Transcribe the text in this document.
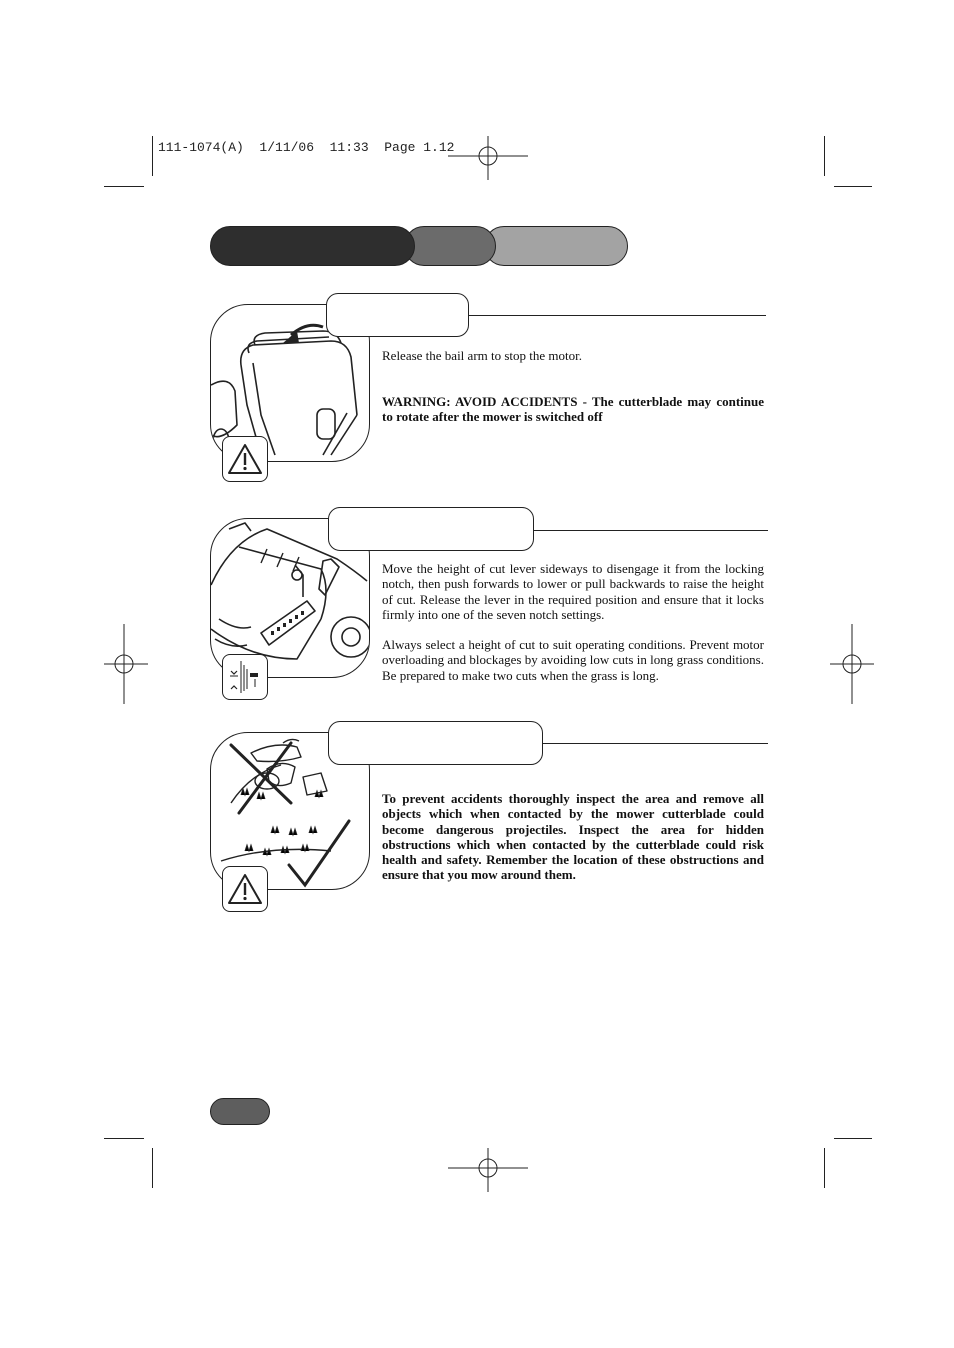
111-1074(A)  1/11/06  11:33  Page 1.12
Release the bail arm to stop the motor.
WARNING: AVOID ACCIDENTS - The cutterblade may continue to rotate after the mower is switched off
Move the height of cut lever sideways to disengage it from the locking notch, then push forwards to lower or pull backwards to raise the height of cut. Release the lever in the required position and ensure that it locks firmly into one of the seven notch settings.
Always select a height of cut to suit operating conditions. Prevent motor overloading and blockages by avoiding low cuts in long grass conditions. Be prepared to make two cuts when the grass is long.
To prevent accidents thoroughly inspect the area and remove all objects which when contacted by the mower cutterblade could become dangerous projectiles. Inspect the area for hidden obstructions which when contacted by the cutterblade could risk health and safety. Remember the location of these obstructions and ensure that you mow around them.
